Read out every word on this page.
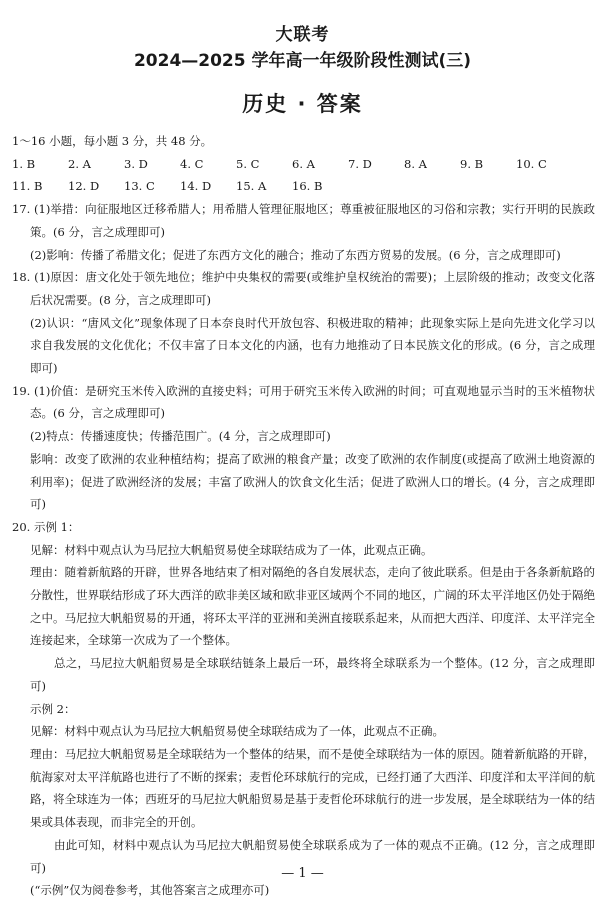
大联考
2024—2025 学年高一年级阶段性测试(三)
历史 · 答案

1～16 小题，每小题 3 分，共 48 分。

1. B	2. A	3. D	4. C	5. C	6. A	7. D	8. A	9. B	10. C
11. B	12. D	13. C	14. D	15. A	16. B

17. (1)举措：向征服地区迁移希腊人；用希腊人管理征服地区；尊重被征服地区的习俗和宗教；实行开明的民族政策。(6 分，言之成理即可)

(2)影响：传播了希腊文化；促进了东西方文化的融合；推动了东西方贸易的发展。(6 分，言之成理即可)

18. (1)原因：唐文化处于领先地位；维护中央集权的需要(或维护皇权统治的需要)；上层阶级的推动；改变文化落后状况需要。(8 分，言之成理即可)

(2)认识：“唐风文化”现象体现了日本奈良时代开放包容、积极进取的精神；此现象实际上是向先进文化学习以求自我发展的文化优化；不仅丰富了日本文化的内涵，也有力地推动了日本民族文化的形成。(6 分，言之成理即可)

19. (1)价值：是研究玉米传入欧洲的直接史料；可用于研究玉米传入欧洲的时间；可直观地显示当时的玉米植物状态。(6 分，言之成理即可)

(2)特点：传播速度快；传播范围广。(4 分，言之成理即可)

影响：改变了欧洲的农业种植结构；提高了欧洲的粮食产量；改变了欧洲的农作制度(或提高了欧洲土地资源的利用率)；促进了欧洲经济的发展；丰富了欧洲人的饮食文化生活；促进了欧洲人口的增长。(4 分，言之成理即可)

20. 示例 1：

见解：材料中观点认为马尼拉大帆船贸易使全球联结成为了一体，此观点正确。

理由：随着新航路的开辟，世界各地结束了相对隔绝的各自发展状态，走向了彼此联系。但是由于各条新航路的分散性，世界联结形成了环大西洋的欧非美区域和欧非亚区域两个不同的地区，广阔的环太平洋地区仍处于隔绝之中。马尼拉大帆船贸易的开通，将环太平洋的亚洲和美洲直接联系起来，从而把大西洋、印度洋、太平洋完全连接起来，全球第一次成为了一个整体。

总之，马尼拉大帆船贸易是全球联结链条上最后一环，最终将全球联系为一个整体。(12 分，言之成理即可)

示例 2：

见解：材料中观点认为马尼拉大帆船贸易使全球联结成为了一体，此观点不正确。

理由：马尼拉大帆船贸易是全球联结为一个整体的结果，而不是使全球联结为一体的原因。随着新航路的开辟，航海家对太平洋航路也进行了不断的探索；麦哲伦环球航行的完成，已经打通了大西洋、印度洋和太平洋间的航路，将全球连为一体；西班牙的马尼拉大帆船贸易是基于麦哲伦环球航行的进一步发展，是全球联结为一体的结果或具体表现，而非完全的开创。

由此可知，材料中观点认为马尼拉大帆船贸易使全球联系成为了一体的观点不正确。(12 分，言之成理即可)

(“示例”仅为阅卷参考，其他答案言之成理亦可)

— 1 —
